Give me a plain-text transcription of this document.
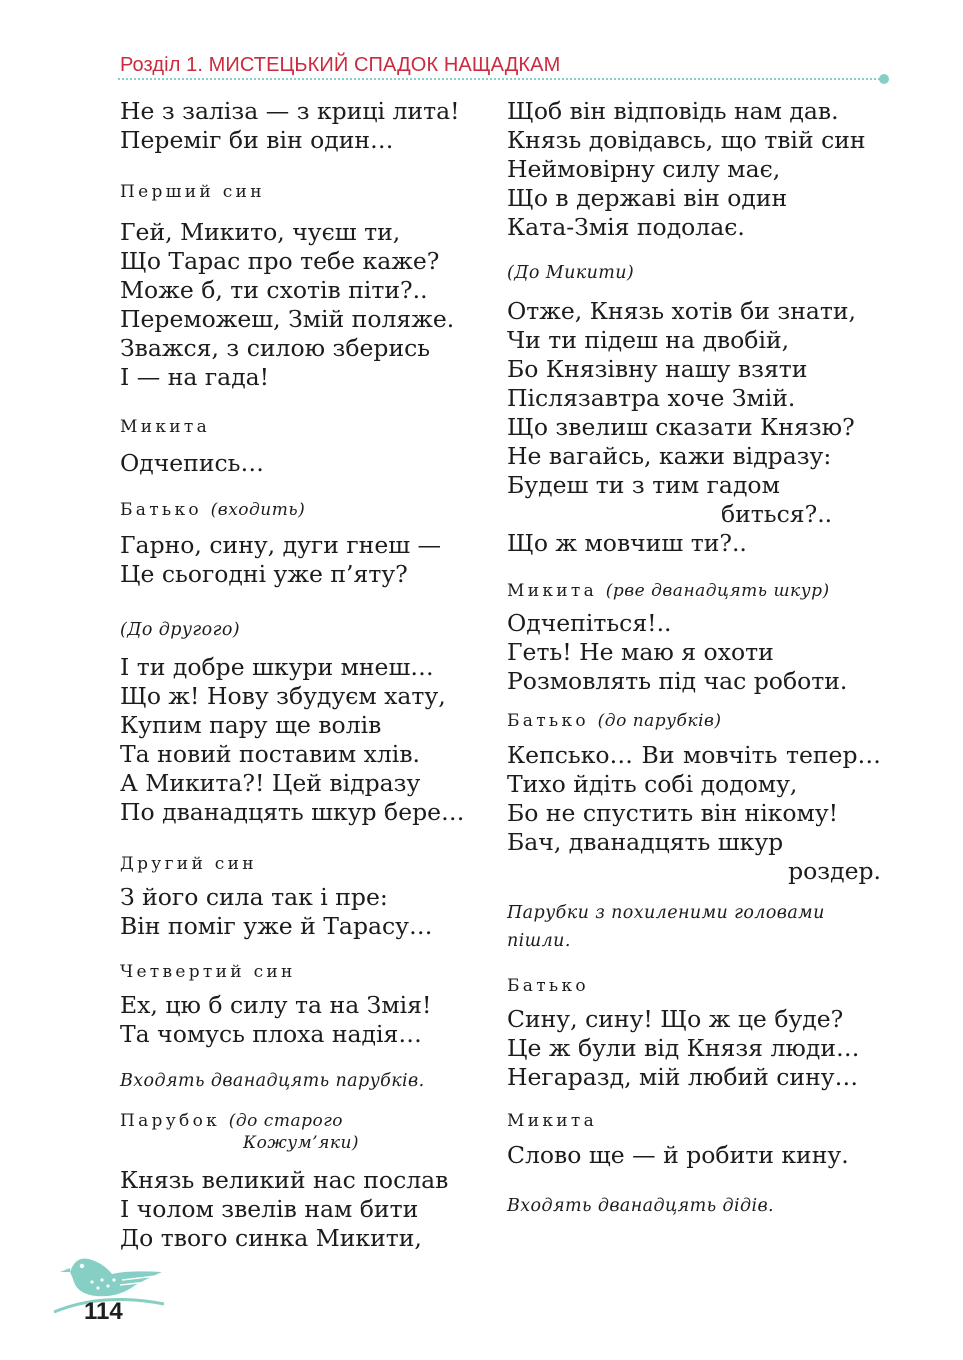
Розділ 1. МИСТЕЦЬКИЙ СПАДОК НАЩАДКАМ
Не з заліза — з криці лита!
Переміг би він один…
Перший син
Гей, Микито, чуєш ти,
Що Тарас про тебе каже?
Може б, ти схотів піти?..
Переможеш, Змій поляже.
Зважся, з силою зберись
І — на гада!
Микита
Одчепись…
Батько (входить)
Гарно, сину, дуги гнеш —
Це сьогодні уже п’яту?
(До другого)
І ти добре шкури мнеш…
Що ж! Нову збудуєм хату,
Купим пару ще волів
Та новий поставим хлів.
А Микита?! Цей відразу
По дванадцять шкур бере…
Другий син
З його сила так і пре:
Він поміг уже й Тарасу…
Четвертий син
Ех, цю б силу та на Змія!
Та чомусь плоха надія…
Входять дванадцять парубків.
Парубок (до старого
Кожум’яки)
Князь великий нас послав
І чолом звелів нам бити
До твого синка Микити,
Щоб він відповідь нам дав.
Князь довідавсь, що твій син
Неймовірну силу має,
Що в державі він один
Ката-Змія подолає.
(До Микити)
Отже, Князь хотів би знати,
Чи ти підеш на двобій,
Бо Князівну нашу взяти
Післязавтра хоче Змій.
Що звелиш сказати Князю?
Не вагайсь, кажи відразу:
Будеш ти з тим гадом
биться?..
Що ж мовчиш ти?..
Микита (рве дванадцять шкур)
Одчепіться!..
Геть! Не маю я охоти
Розмовлять під час роботи.
Батько (до парубків)
Кепсько… Ви мовчіть тепер…
Тихо йдіть собі додому,
Бо не спустить він нікому!
Бач, дванадцять шкур
роздер.
Парубки з похиленими головами
пішли.
Батько
Сину, сину! Що ж це буде?
Це ж були від Князя люди…
Негаразд, мій любий сину…
Микита
Слово ще — й робити кину.
Входять дванадцять дідів.
114
